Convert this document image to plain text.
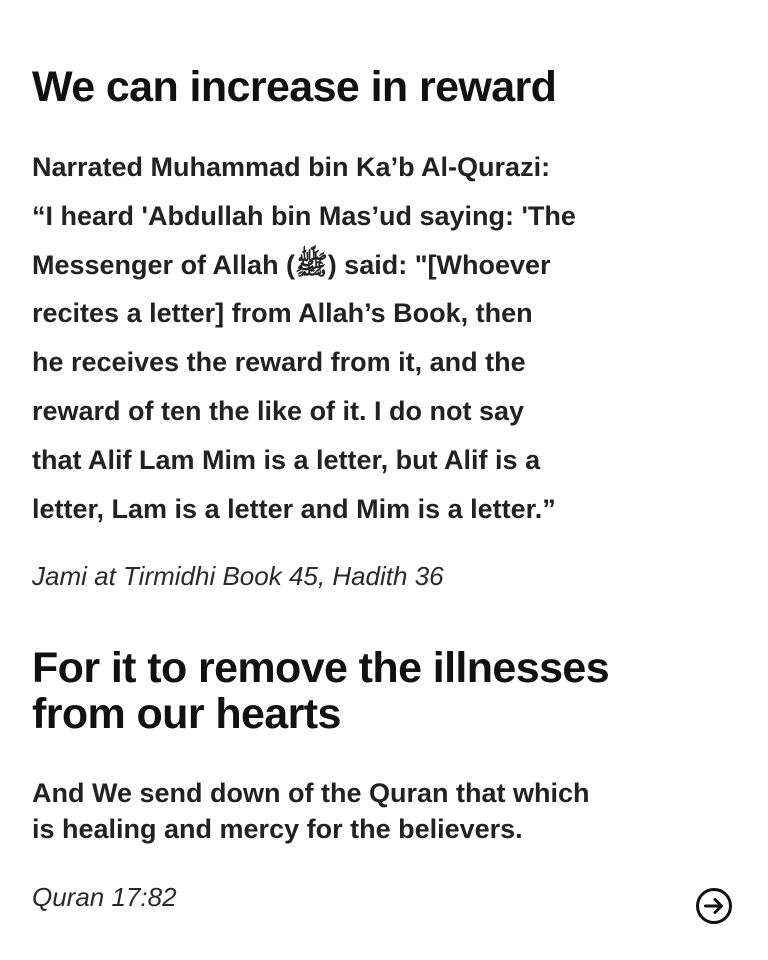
We can increase in reward

Narrated Muhammad bin Ka’b Al-Qurazi:
“I heard 'Abdullah bin Mas’ud saying: 'The
Messenger of Allah (ﷺ) said: "[Whoever
recites a letter] from Allah’s Book, then
he receives the reward from it, and the
reward of ten the like of it. I do not say
that Alif Lam Mim is a letter, but Alif is a
letter, Lam is a letter and Mim is a letter.”

Jami at Tirmidhi Book 45, Hadith 36

For it to remove the illnesses
from our hearts

And We send down of the Quran that which
is healing and mercy for the believers.

Quran 17:82
